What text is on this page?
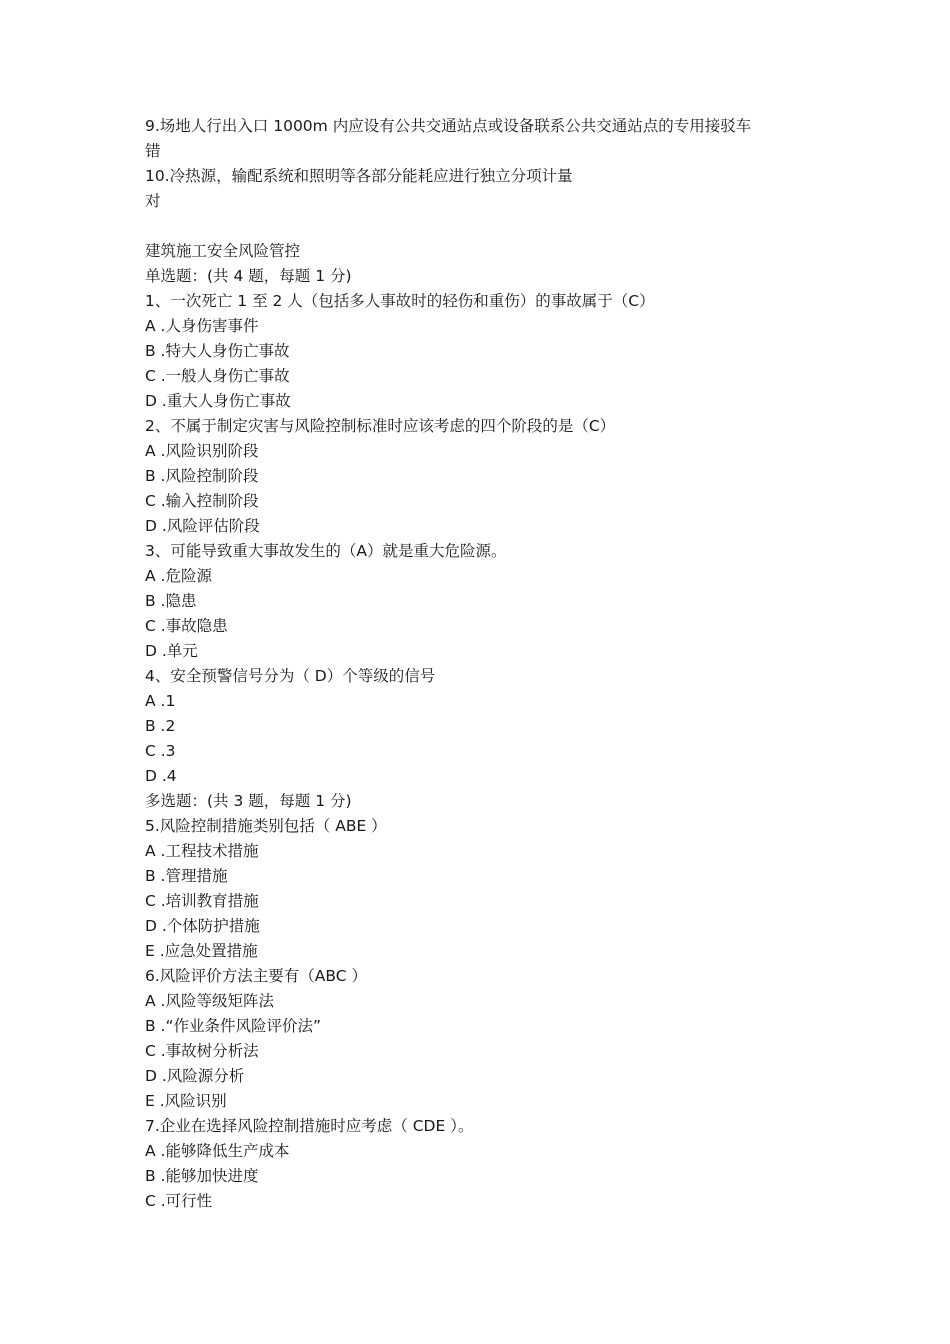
9.场地人行出入口 1000m 内应设有公共交通站点或设备联系公共交通站点的专用接驳车
错
10.冷热源，输配系统和照明等各部分能耗应进行独立分项计量
对
建筑施工安全风险管控
单选题：(共 4 题，每题 1 分)
1、一次死亡 1 至 2 人（包括多人事故时的轻伤和重伤）的事故属于（C）
A .人身伤害事件
B .特大人身伤亡事故
C .一般人身伤亡事故
D .重大人身伤亡事故
2、不属于制定灾害与风险控制标准时应该考虑的四个阶段的是（C）
A .风险识别阶段
B .风险控制阶段
C .输入控制阶段
D .风险评估阶段
3、可能导致重大事故发生的（A）就是重大危险源。
A .危险源
B .隐患
C .事故隐患
D .单元
4、安全预警信号分为（ D）个等级的信号
A .1
B .2
C .3
D .4
多选题：(共 3 题，每题 1 分)
5.风险控制措施类别包括（ ABE ）
A .工程技术措施
B .管理措施
C .培训教育措施
D .个体防护措施
E .应急处置措施
6.风险评价方法主要有（ABC ）
A .风险等级矩阵法
B .“作业条件风险评价法”
C .事故树分析法
D .风险源分析
E .风险识别
7.企业在选择风险控制措施时应考虑（ CDE ）。
A .能够降低生产成本
B .能够加快进度
C .可行性
